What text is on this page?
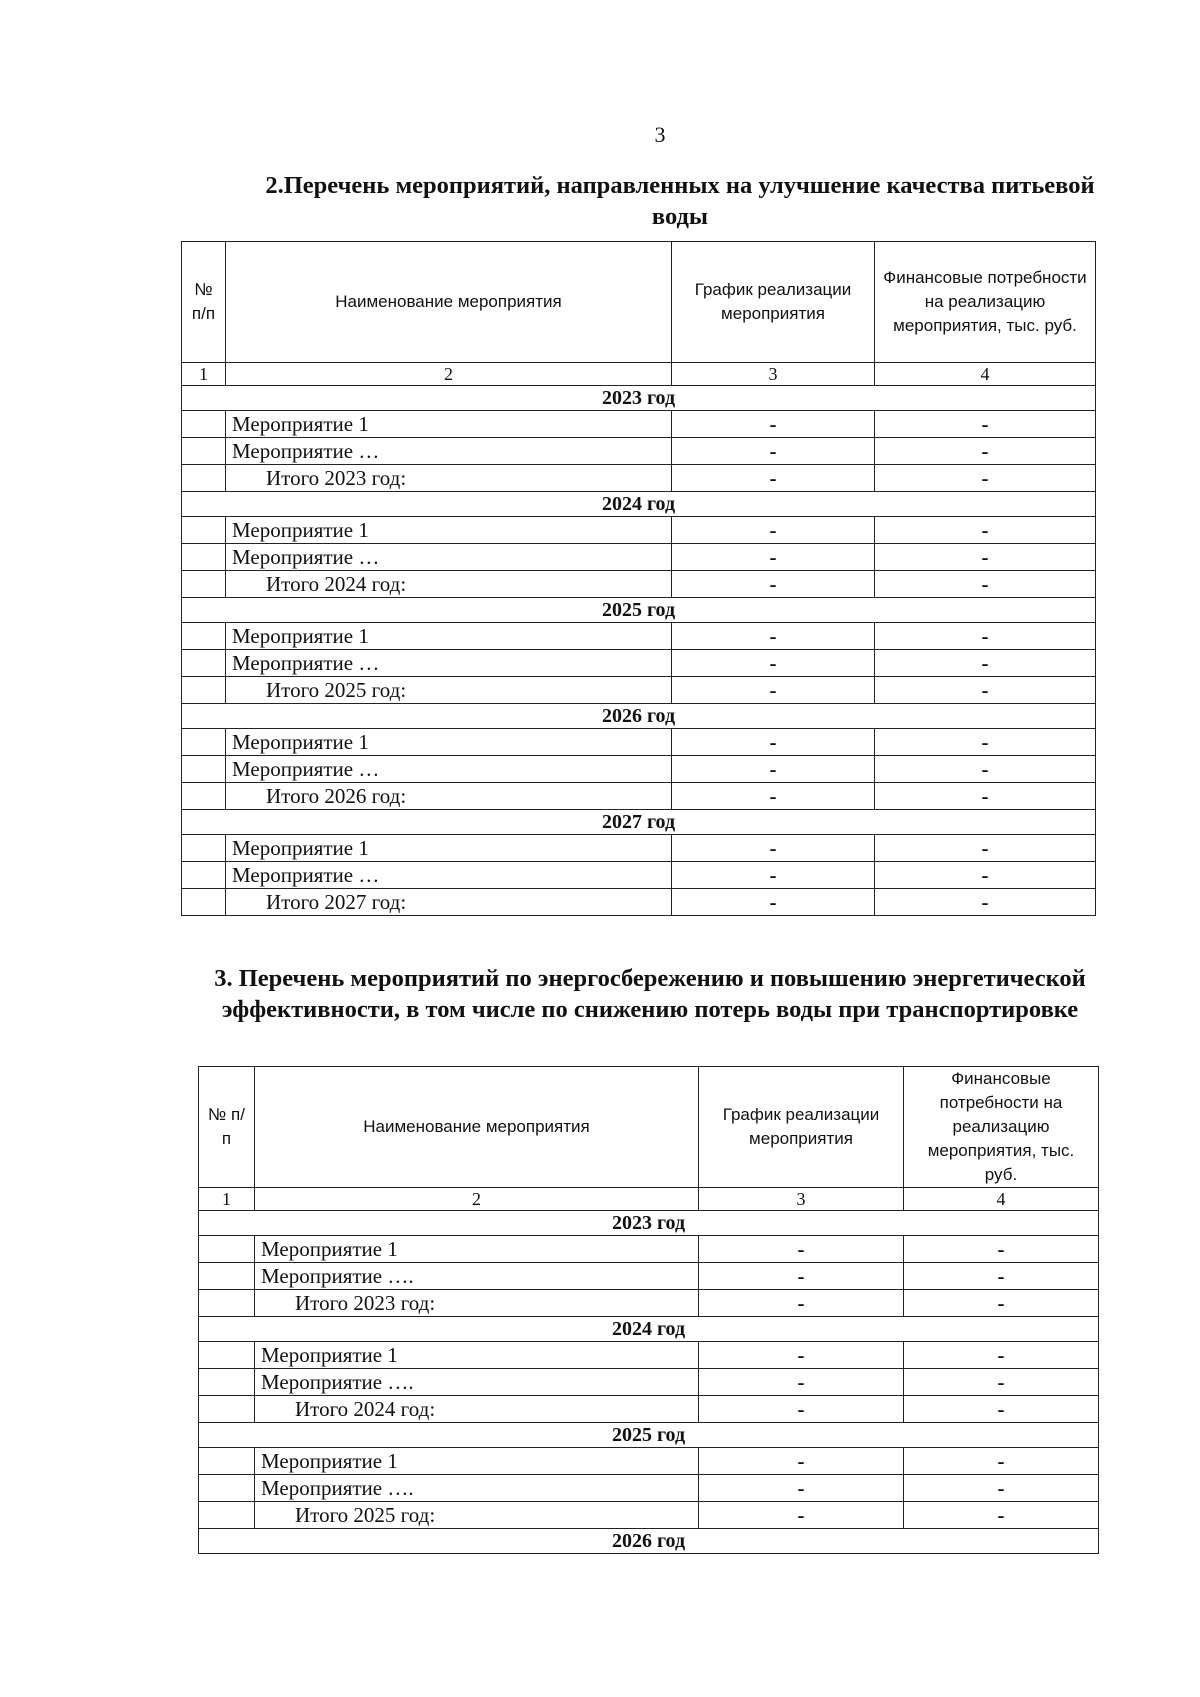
3
2.Перечень мероприятий, направленных на улучшение качества питьевой воды
№ п/п	Наименование мероприятия	График реализации мероприятия	Финансовые потребности на реализацию мероприятия, тыс. руб.
1	2	3	4
2023 год			
	Мероприятие 1	-	-
	Мероприятие …	-	-
	Итого 2023 год:	-	-
2024 год			
	Мероприятие 1	-	-
	Мероприятие …	-	-
	Итого 2024 год:	-	-
2025 год			
	Мероприятие 1	-	-
	Мероприятие …	-	-
	Итого 2025 год:	-	-
2026 год			
	Мероприятие 1	-	-
	Мероприятие …	-	-
	Итого 2026 год:	-	-
2027 год			
	Мероприятие 1	-	-
	Мероприятие …	-	-
	Итого 2027 год:	-	-
3. Перечень мероприятий по энергосбережению и повышению энергетической эффективности, в том числе по снижению потерь воды при транспортировке
№ п/п	Наименование мероприятия	График реализации мероприятия	Финансовые потребности на реализацию мероприятия, тыс. руб.
1	2	3	4
2023 год			
	Мероприятие 1	-	-
	Мероприятие ….	-	-
	Итого 2023 год:	-	-
2024 год			
	Мероприятие 1	-	-
	Мероприятие ….	-	-
	Итого 2024 год:	-	-
2025 год			
	Мероприятие 1	-	-
	Мероприятие ….	-	-
	Итого 2025 год:	-	-
2026 год			
